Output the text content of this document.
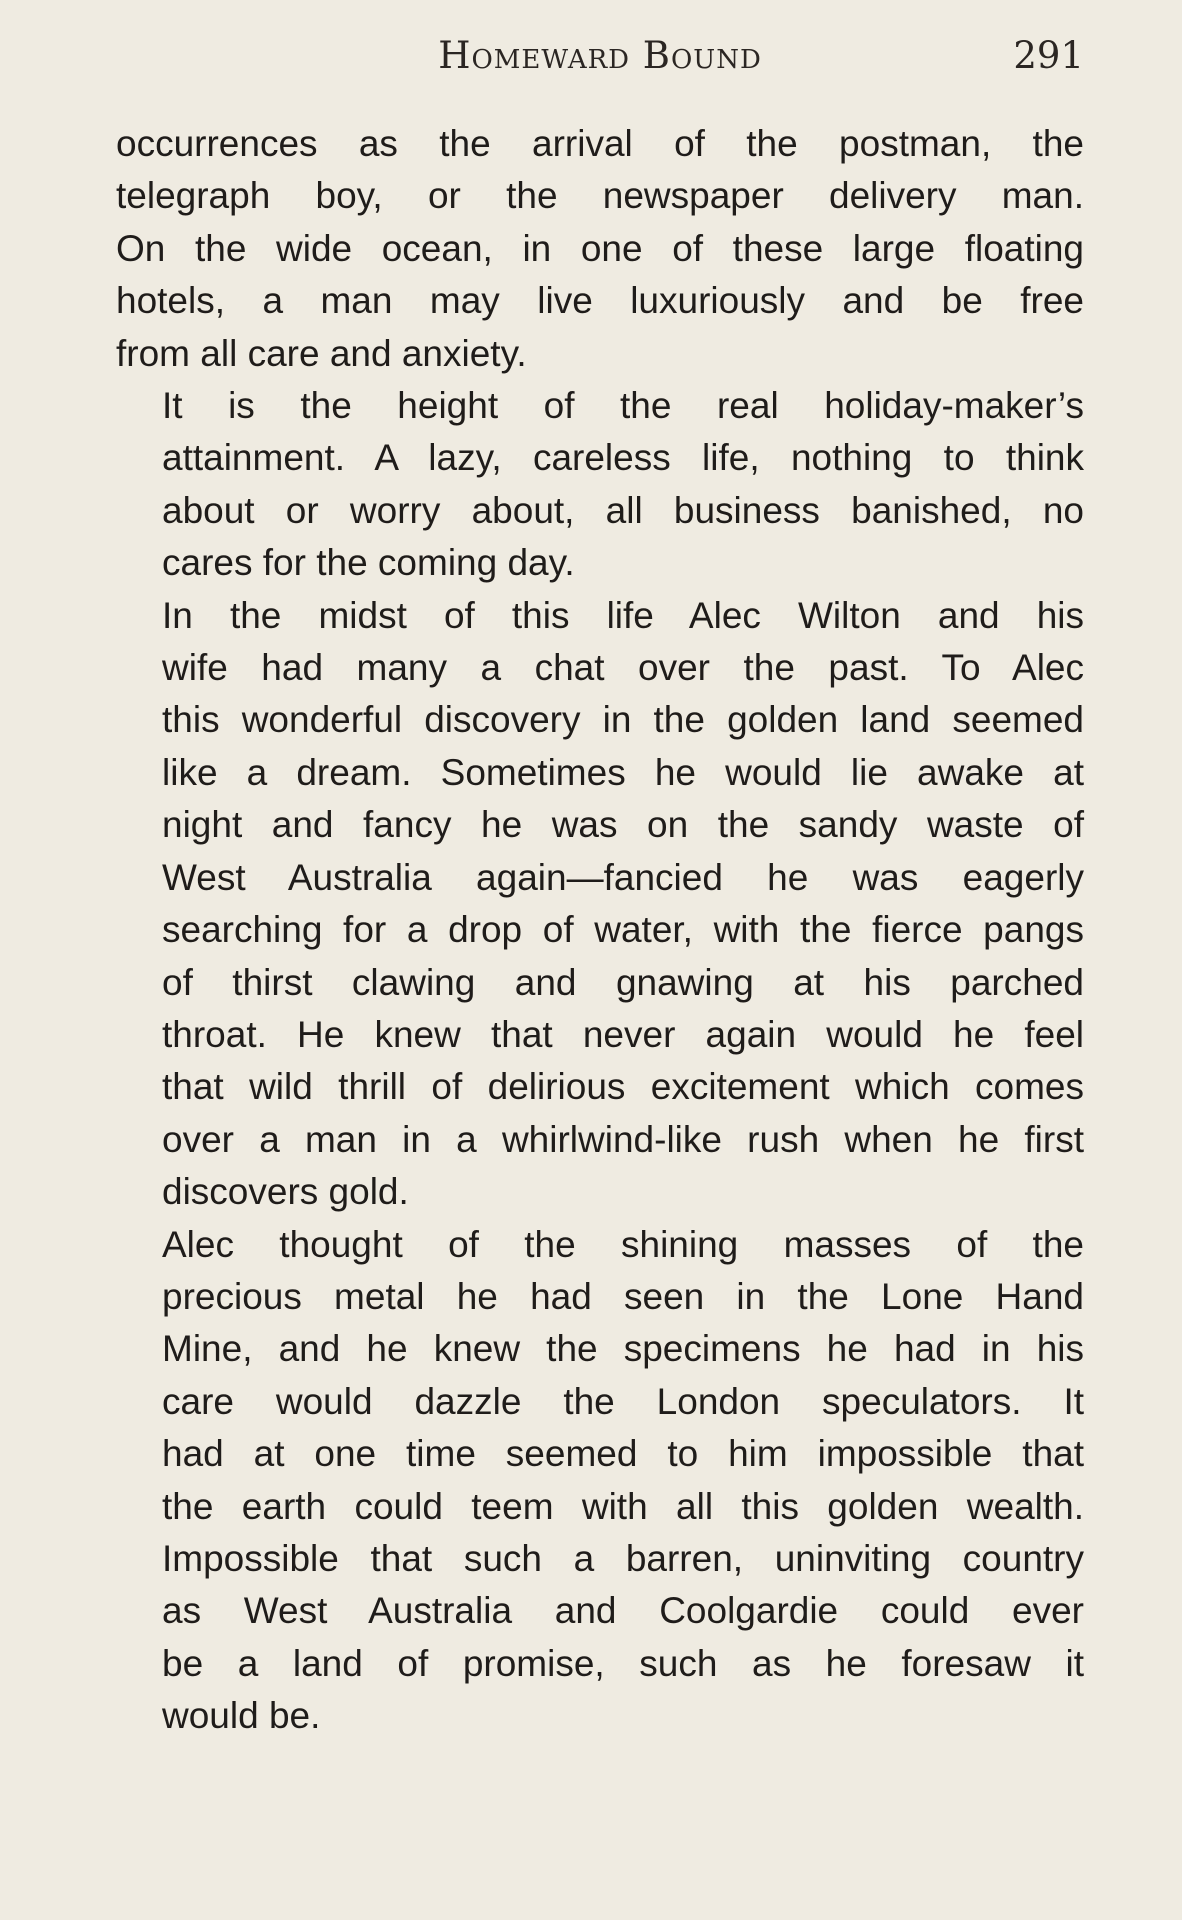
Homeward Bound	291

occurrences as the arrival of the postman, the
telegraph boy, or the newspaper delivery man.
On the wide ocean, in one of these large floating
hotels, a man may live luxuriously and be free
from all care and anxiety.

It is the height of the real holiday-maker’s
attainment. A lazy, careless life, nothing to think
about or worry about, all business banished, no
cares for the coming day.

In the midst of this life Alec Wilton and his
wife had many a chat over the past. To Alec
this wonderful discovery in the golden land seemed
like a dream. Sometimes he would lie awake at
night and fancy he was on the sandy waste of
West Australia again—fancied he was eagerly
searching for a drop of water, with the fierce pangs
of thirst clawing and gnawing at his parched
throat. He knew that never again would he feel
that wild thrill of delirious excitement which comes
over a man in a whirlwind-like rush when he first
discovers gold.

Alec thought of the shining masses of the
precious metal he had seen in the Lone Hand
Mine, and he knew the specimens he had in his
care would dazzle the London speculators. It
had at one time seemed to him impossible that
the earth could teem with all this golden wealth.
Impossible that such a barren, uninviting country
as West Australia and Coolgardie could ever
be a land of promise, such as he foresaw it
would be.
